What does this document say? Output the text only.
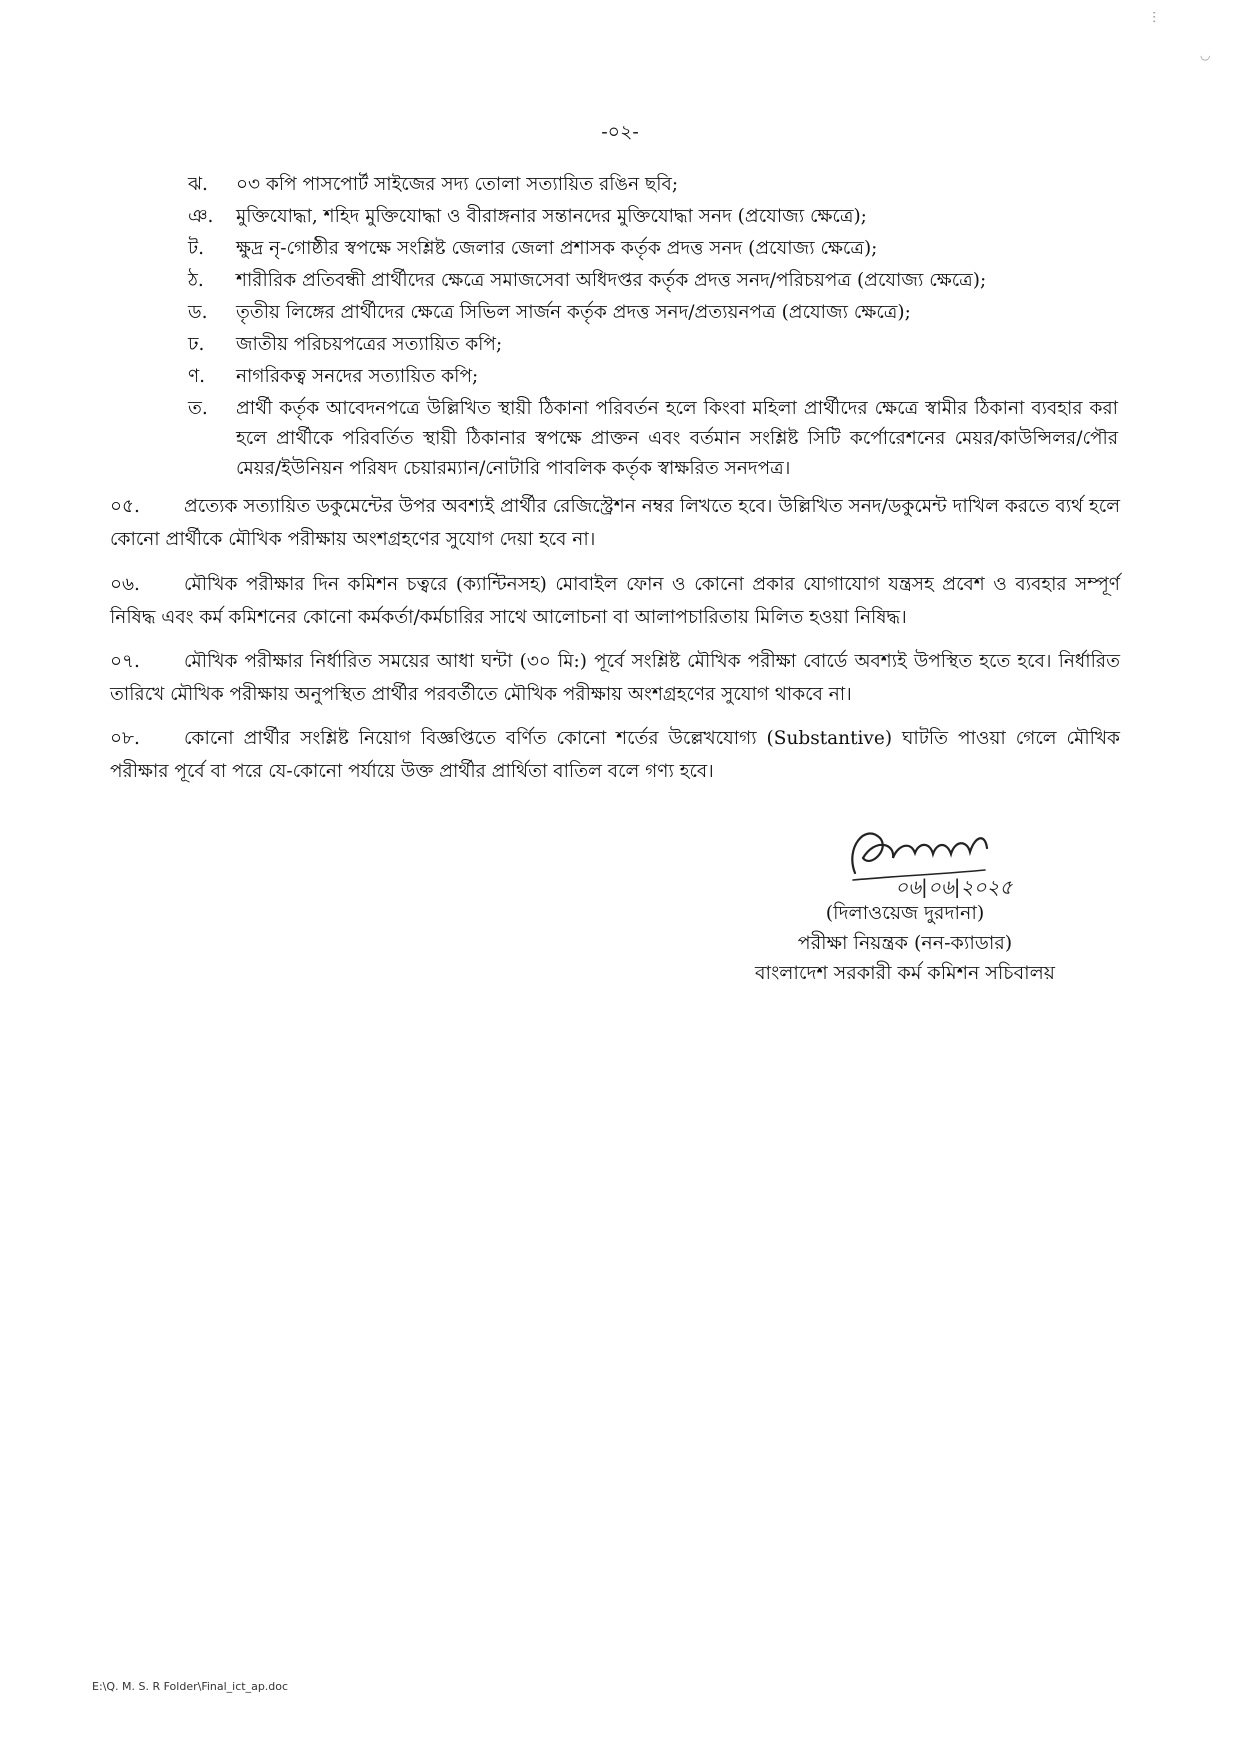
ⵗ
◡
-০২-
ঝ.	০৩ কপি পাসপোর্ট সাইজের সদ্য তোলা সত্যায়িত রঙিন ছবি;
ঞ.	মুক্তিযোদ্ধা, শহিদ মুক্তিযোদ্ধা ও বীরাঙ্গনার সন্তানদের মুক্তিযোদ্ধা সনদ (প্রযোজ্য ক্ষেত্রে);
ট.	ক্ষুদ্র নৃ-গোষ্ঠীর স্বপক্ষে সংশ্লিষ্ট জেলার জেলা প্রশাসক কর্তৃক প্রদত্ত সনদ (প্রযোজ্য ক্ষেত্রে);
ঠ.	শারীরিক প্রতিবন্ধী প্রার্থীদের ক্ষেত্রে সমাজসেবা অধিদপ্তর কর্তৃক প্রদত্ত সনদ/পরিচয়পত্র (প্রযোজ্য ক্ষেত্রে);
ড.	তৃতীয় লিঙ্গের প্রার্থীদের ক্ষেত্রে সিভিল সার্জন কর্তৃক প্রদত্ত সনদ/প্রত্যয়নপত্র (প্রযোজ্য ক্ষেত্রে);
ঢ.	জাতীয় পরিচয়পত্রের সত্যায়িত কপি;
ণ.	নাগরিকত্ব সনদের সত্যায়িত কপি;
ত.	প্রার্থী কর্তৃক আবেদনপত্রে উল্লিখিত স্থায়ী ঠিকানা পরিবর্তন হলে কিংবা মহিলা প্রার্থীদের ক্ষেত্রে স্বামীর ঠিকানা ব্যবহার করা হলে প্রার্থীকে পরিবর্তিত স্থায়ী ঠিকানার স্বপক্ষে প্রাক্তন এবং বর্তমান সংশ্লিষ্ট সিটি কর্পোরেশনের মেয়র/কাউন্সিলর/পৌর মেয়র/ইউনিয়ন পরিষদ চেয়ারম্যান/নোটারি পাবলিক কর্তৃক স্বাক্ষরিত সনদপত্র।
০৫. প্রত্যেক সত্যায়িত ডকুমেন্টের উপর অবশ্যই প্রার্থীর রেজিস্ট্রেশন নম্বর লিখতে হবে। উল্লিখিত সনদ/ডকুমেন্ট দাখিল করতে ব্যর্থ হলে কোনো প্রার্থীকে মৌখিক পরীক্ষায় অংশগ্রহণের সুযোগ দেয়া হবে না।
০৬. মৌখিক পরীক্ষার দিন কমিশন চত্বরে (ক্যান্টিনসহ) মোবাইল ফোন ও কোনো প্রকার যোগাযোগ যন্ত্রসহ প্রবেশ ও ব্যবহার সম্পূর্ণ নিষিদ্ধ এবং কর্ম কমিশনের কোনো কর্মকর্তা/কর্মচারির সাথে আলোচনা বা আলাপচারিতায় মিলিত হওয়া নিষিদ্ধ।
০৭. মৌখিক পরীক্ষার নির্ধারিত সময়ের আধা ঘন্টা (৩০ মি:) পূর্বে সংশ্লিষ্ট মৌখিক পরীক্ষা বোর্ডে অবশ্যই উপস্থিত হতে হবে। নির্ধারিত তারিখে মৌখিক পরীক্ষায় অনুপস্থিত প্রার্থীর পরবর্তীতে মৌখিক পরীক্ষায় অংশগ্রহণের সুযোগ থাকবে না।
০৮. কোনো প্রার্থীর সংশ্লিষ্ট নিয়োগ বিজ্ঞপ্তিতে বর্ণিত কোনো শর্তের উল্লেখযোগ্য (Substantive) ঘাটতি পাওয়া গেলে মৌখিক পরীক্ষার পূর্বে বা পরে যে-কোনো পর্যায়ে উক্ত প্রার্থীর প্রার্থিতা বাতিল বলে গণ্য হবে।
০৬|০৬|২০২৫
(দিলাওয়েজ দুরদানা)
পরীক্ষা নিয়ন্ত্রক (নন-ক্যাডার)
বাংলাদেশ সরকারী কর্ম কমিশন সচিবালয়
E:\Q. M. S. R Folder\Final_ict_ap.doc
